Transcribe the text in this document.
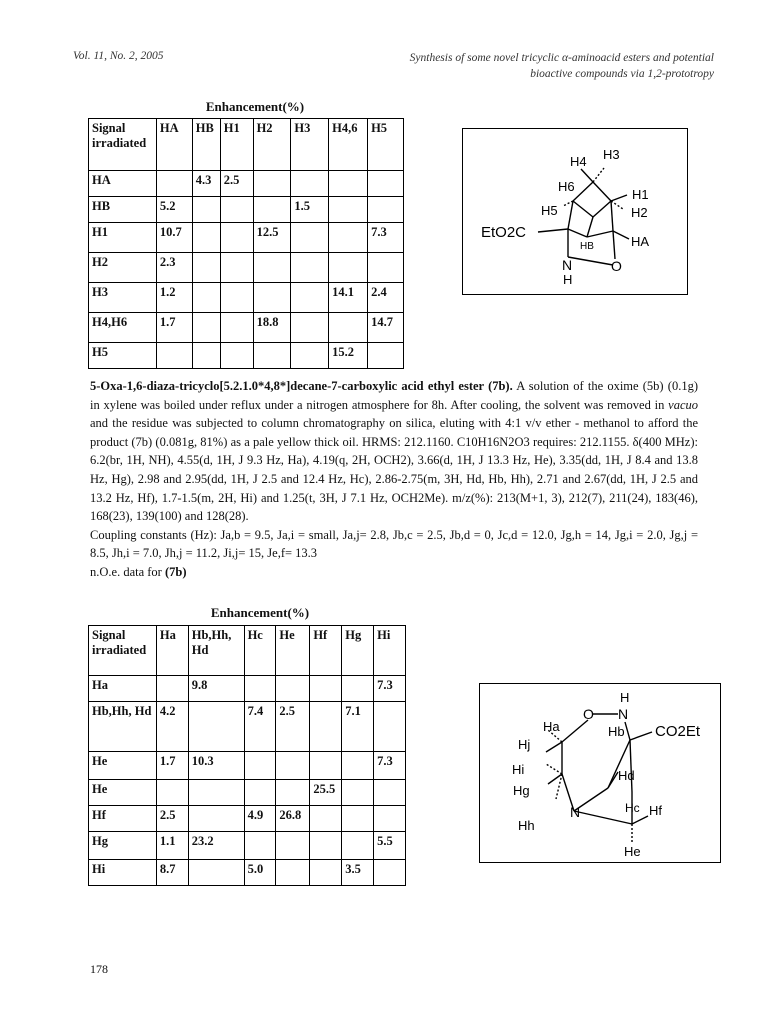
Vol. 11, No. 2, 2005	Synthesis of some novel tricyclic α-aminoacid esters and potential
bioactive compounds via 1,2-prototropy
Enhancement(%)
Signal irradiated	HA	HB	H1	H2	H3	H4,6	H5
HA		4.3	2.5				
HB	5.2				1.5		
H1	10.7			12.5			7.3
H2	2.3						
H3	1.2					14.1	2.4
H4,H6	1.7			18.8			14.7
H5						15.2	
H4 H3
H6
H1
H5	H2
EtO2C
HB	HA
N	O
H

5-Oxa-1,6-diaza-tricyclo[5.2.1.0*4,8*]decane-7-carboxylic acid ethyl ester (7b). A solution of the oxime (5b) (0.1g) in xylene was boiled under reflux under a nitrogen atmosphere for 8h. After cooling, the solvent was removed in vacuo and the residue was subjected to column chromatography on silica, eluting with 4:1 v/v ether - methanol to afford the product (7b) (0.081g, 81%) as a pale yellow thick oil. HRMS: 212.1160. C10H16N2O3 requires: 212.1155. δ(400 MHz): 6.2(br, 1H, NH), 4.55(d, 1H, J 9.3 Hz, Ha), 4.19(q, 2H, OCH2), 3.66(d, 1H, J 13.3 Hz, He), 3.35(dd, 1H, J 8.4 and 13.8 Hz, Hg), 2.98 and 2.95(dd, 1H, J 2.5 and 12.4 Hz, Hc), 2.86-2.75(m, 3H, Hd, Hb, Hh), 2.71 and 2.67(dd, 1H, J 2.5 and 13.2 Hz, Hf), 1.7-1.5(m, 2H, Hi) and 1.25(t, 3H, J 7.1 Hz, OCH2Me). m/z(%): 213(M+1, 3), 212(7), 211(24), 183(46), 168(23), 139(100) and 128(28).

Coupling constants (Hz): Ja,b = 9.5, Ja,i = small, Ja,j= 2.8, Jb,c = 2.5, Jb,d = 0, Jc,d = 12.0, Jg,h = 14, Jg,i = 2.0, Jg,j = 8.5, Jh,i = 7.0, Jh,j = 11.2, Ji,j= 15, Je,f= 13.3

n.O.e. data for (7b)

Enhancement(%)
Signal irradiated	Ha	Hb,Hh, Hd	Hc	He	Hf	Hg	Hi
Ha		9.8					7.3
Hb,Hh, Hd	4.2		7.4	2.5		7.1	
He	1.7	10.3					7.3
He					25.5		
Hf	2.5		4.9	26.8			
Hg	1.1	23.2					5.5
Hi	8.7		5.0			3.5	
O N
H
Ha	Hb CO2Et
Hj
Hi	Hd
Hg
N	Hc Hf
Hh
He
178
